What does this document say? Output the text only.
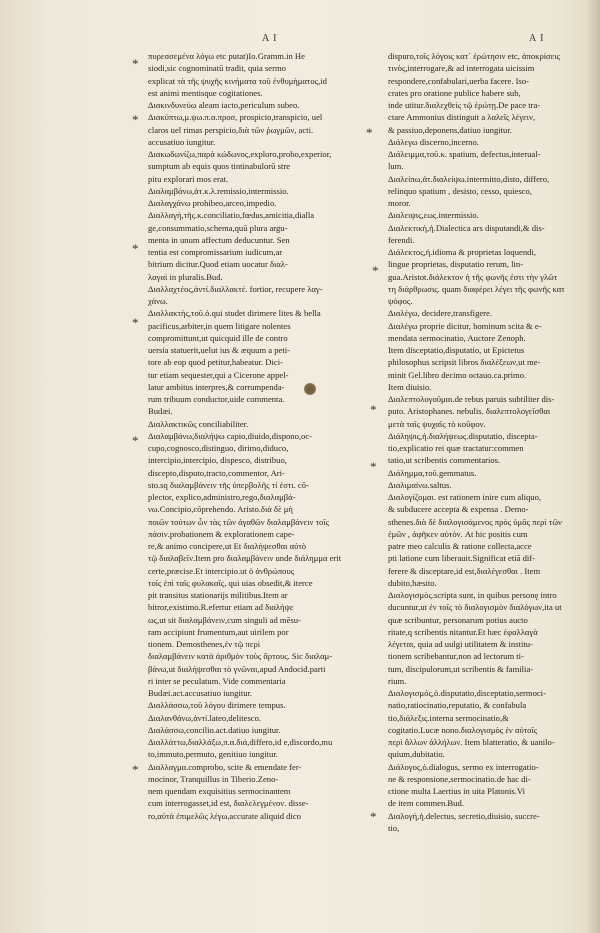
A I	A I
πυρεσσεμένα λόγω etc putat)Io.Gramm.in He
siodi,sic cognominatū tradit, quia sermo
explicat τὰ τῆς ψυχῆς κινήματα τοῦ ἐνθυμήματος,id
est animi mentisque cogitationes.
Διακινδυνεύω aleam iacto,periculum subeo.
Διακύπτω,μ.ψω.π.α.προσ, prospicio,transpicio, uel
claros uel rimas perspicio,διὰ τῶν ῥωγμῶν, acti.
accusatiuo iungitur.
Διακωδωνίζω,παρὰ κώδωνος,exploro,probo,experior,
sumptum ab equis quos tintinabulorū stre
pitu explorari mos erat.
Διαλαμβάνω,ἀτ.κ.λ.remissio,intermissio.
Διαλαγχάνω prohibeo,arceo,impedio.
Διαλλαγὴ,τῆς.κ.conciliatio,fœdus,amicitia,dialla
ge,consummatio,schema,quū plura argu-
menta in unum affectum deducuntur. Sen
tentia est compromissarium iudicum,ar
bitrium dicitur.Quod etiam uocatur διαλ-
λαγαὶ in pluralis.Bud.
Διαλλαχτέος,ἀντί.διαλλακτέ. fortior, recupere λαγ-
χάνω.
Διαλλακτὴς,τοῦ.ὁ.qui studet dirimere lites & bella
pacificus,arbiter,in quem litigare nolentes
compromittunt,ut quicquid ille de contro
uersia statuerit,uelut ius & æquum a peti-
tore ab eop quod petitur,habeatur. Dici-
tur etiam sequester,qui a Cicerone appel-
latur ambitus interpres,& corrumpenda-
rum tribuum conductor,uide commenta.
Budæi.
Διαλλακτικῶς conciliabiliter.
Διαλαμβάνω,διαλήψω capio,diuido,dispono,oc-
cupo,cognosco,distinguo, dirimo,diduco,
intercipio,intercipio, dispesco, distribuo,
discepto,disputo,tracto,commentor, Ari-
sto.sq διαλαμβάνειν τῆς ὑπερβολῆς τί ἐστι. cō-
plector, explico,administro,rego,διαλαμβά-
νω.Concipio,cōprehendo. Aristo.διὰ δὲ μὴ
ποιῶν τούτων ὧν τὰς τῶν ἀγαθῶν διαλαμβάνειν τοῖς
πάσιν.probationem & explorationem cape-
re,& animo concipere,ut Et διαλήψεσθαι αὐτὸ
τῷ διαλαβεῖν.Item pro διαλαμβάνειν unde διάλημμα erit
certe,præcise.Et intercipio.ut ὁ ἀνθρώπους
τοῖς ἐπὶ ταῖς φυλακαῖς, qui uias obsedit,& iterce
pit transitus stationarijs militibus.Item ar
bitror,existimo.R.efertur etiam ad διαλήψε
ως,ut sit διαλαμβάνειν,cum singuli ad mēsu-
ram accipiunt frumentum,aut uirilem por
tionem. Demosthenes,ἐν τῷ περὶ
διαλαμβάνειν κατὰ ἀριθμὸν τοὺς ἄρτους. Sic διαλαμ-
βάνω,ut διαλήψεσθαι τὸ γνῶναι,apud Andocid.parti
ri inter se peculatum. Vide commentaria
Budæi.act.accusatiuo iungitur.
Διαλλάσσω,τοῦ λόγου dirimere tempus.
Διαλανθάνω,ἀντί.lateo,delitesco.
Διαλάσσω,concilio.act.datiuo iungitur.
Διαλλάττω,διαλλάξω,π.α.διά,differo,id e,discordo,mu
to,immuto,permuto, genitiuo iungitur.
Διαλλαγμα.comprobo, scite & emendate fer-
mocinor, Tranquillus in Tiberio.Zeno-
nem quendam exquisitius sermocinantem
cum interrogasset,id est, διαλελεγμένον. disse-
ro,αὐτὰ ἐπιμελῶς λέγω,accurate aliquid dico
dispuro,τοῖς λόγοις κατ᾽ ἐρώτησιν etc, ἀποκρίσεις
τινὸς,interrogare,& ad interrogata uicissim
respondere,confabulari,uerba facere. Iso-
crates pro oratione publice habere sub,
inde utitur.διαλεχθεὶς τῷ ἐρώτῃ.De pace tra-
ctare Ammonius distinguit a λαλεῖς λέγειν,
& passiuo,deponens,datiuo iungitur.
Διάλεγω discerno,incerno.
Διάλειμμα,τοῦ.κ. spatium, defectus,interual-
lum.
Διαλείπω,ἀτ.διαλείψω.intermitto,disto, differo,
relinquo spatium , desisto, cesso, quiesco,
moror.
Διαλειψις,εως.intermissio.
Διαλεκτικὴ,ἡ.Dialectica ars disputandi,& dis-
ferendi.
Διάλεκτος,ἡ.idioma & proprietas loquendi,
lingue proprietas, disputatio rerum, lin-
gua.Aristot.διάλεκτον ἡ τῆς φωνῆς ἐστι τὴν γλῶτ
τη διάρθρωσις. quam διαφέρει λέγει τῆς φωνῆς κατ
ψόφος.
Διαλέγω, decidere,transfigere.
Διαλέγω proprie dicitur, hominum scita & e-
mendata sermocinatio, Auctore Zenoph.
Item disceptatio,disputatio, ut Epictetus
philosophus scripsit libros διαλέξεων,ut me-
minit Gel.libro decimo octauo.ca.primo.
Item diuisio.
Διαλεπτολογοῦμαι.de rebus paruis subtiliter dis-
puto. Aristophanes. nebulis. διαλεπτολογεῖσθαι
μετὰ ταῖς ψυχαῖς τὸ κοῦφον.
Διάληψις,ἡ.διαλήψεως.disputatio, discepta-
tio,explicatio rei quæ tractatur:commen
tatio,ut scribentis commentarios.
Διάλημμα,τοῦ.gemmatus.
Διαλιμαίνω.saltus.
Διαλογίζομαι. est rationem inire cum aliquo,
& subducere accepta & expensa . Demo-
sthenes.διὰ δὲ διαλογισάμενος πρὸς ὑμᾶς περὶ τῶν
ἐμῶν , ἀφῆκεν αὐτόν. At hic positis cum
patre meo calculis & ratione collecta,acce
pti latione cum liberauit.Significat etiā dif-
ferere & disceptare,id est,διαλέγεσθαι . Item
dubito,hæsito.
Διαλογισμὸς.scripta sunt, in quibus personę intro
ducuntur,ut ἐν τοῖς τὸ διαλογισμὸν διαλόγων,ita ut
quæ scribuntur, personarum potius aucto
ritate,q scribentis nitantur.Et hæc ἐφαλλαγὰ
λέγεται, quia ad uulgi utilitatem & institu-
tionem scribebantur,non ad lectorum ti-
tum, discipulorum,ut scribentis & familia-
rium.
Διαλογισμός,ὁ.disputatio,disceptatio,sermoci-
natio,ratiocinatio,reputatio, & confabula
tio,διάλεξις.interna sermocinatio,&
cogitatio.Lucæ nono.διαλογισμὸς ἐν αὐτοῖς
περὶ ἄλλων ἀλλήλων. Item blatteratio, & uanilo-
quium,dubitatio.
Διάλογος,ὁ.dialogus, sermo ex interrogatio-
ne & responsione,sermocinatio.de hac di-
ctione multa Laertius in uita Platonis.Vi
de item commen.Bud.
Διαλογή,ἡ.delectus, secretio,diuisio, succre-
tio,
*
*
*
*
*
*
*
*
*
*
*
